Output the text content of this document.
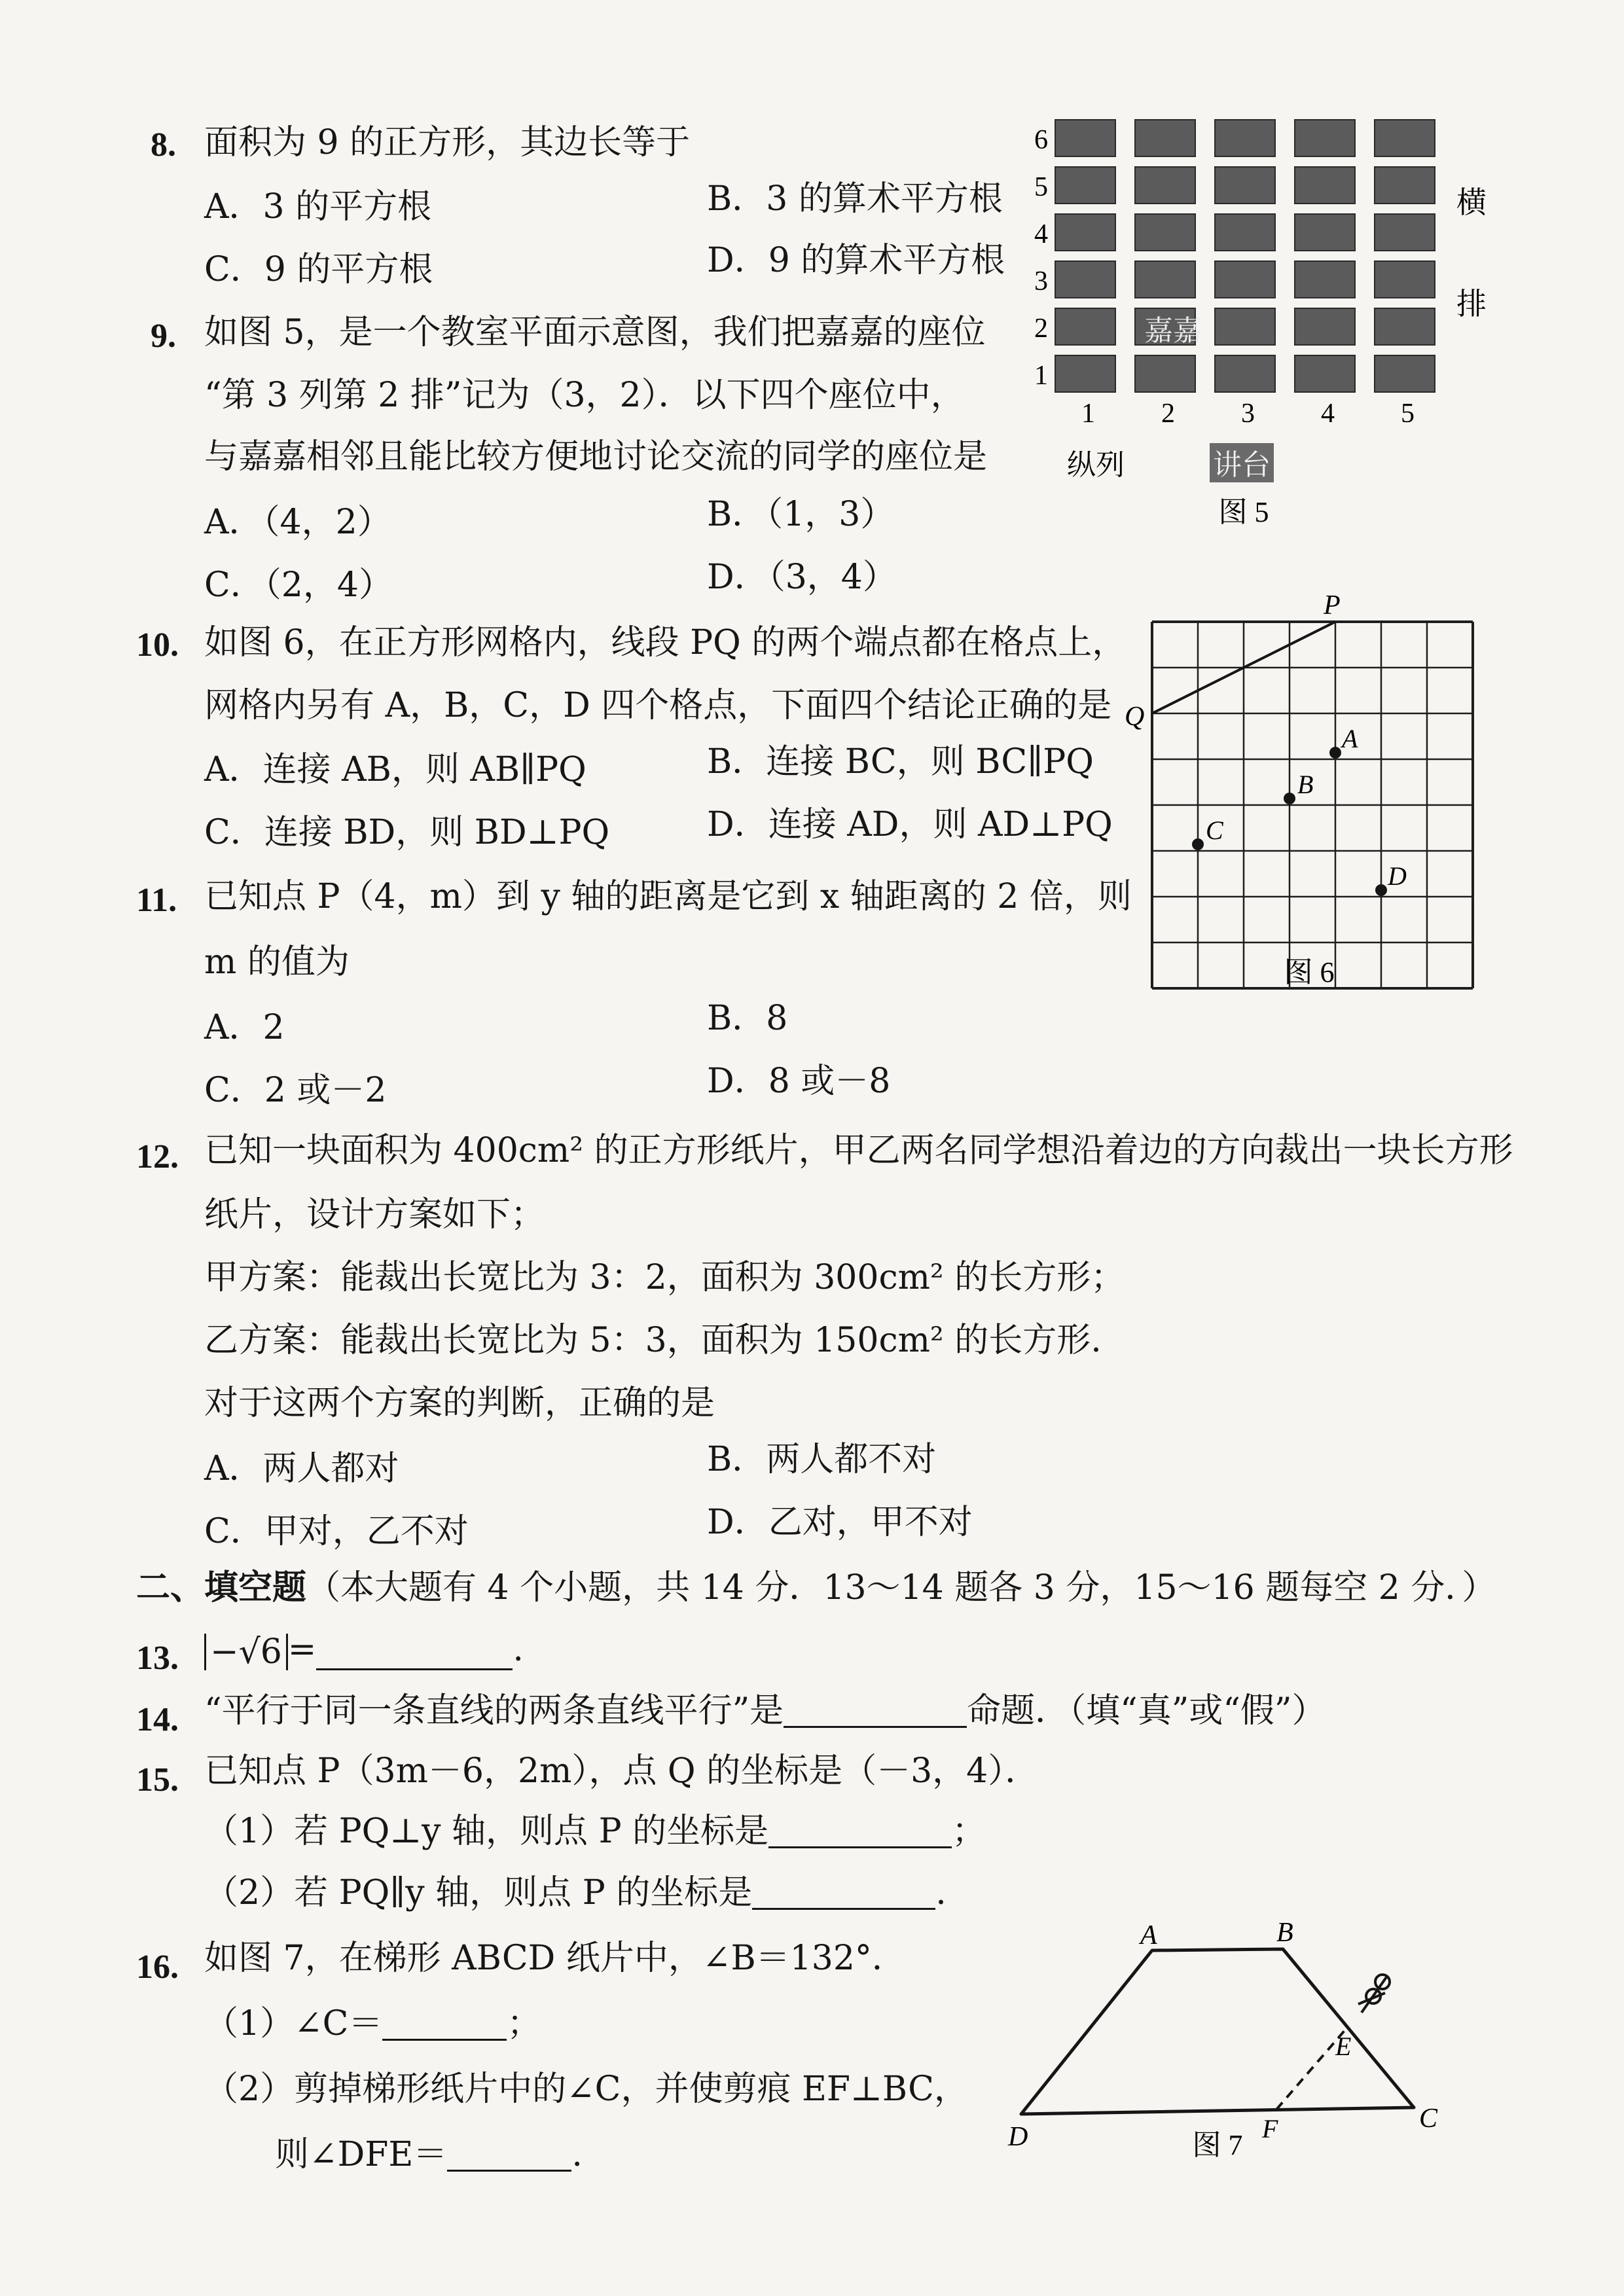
8. 面积为 9 的正方形，其边长等于
A．3 的平方根	B．3 的算术平方根
C．9 的平方根	D．9 的算术平方根
9. 如图 5，是一个教室平面示意图，我们把嘉嘉的座位
“第 3 列第 2 排”记为（3，2）．以下四个座位中，
与嘉嘉相邻且能比较方便地讨论交流的同学的座位是
A．（4，2）	B．（1，3）
C．（2，4）	D．（3，4）
6
5
4
3
2
1
1 2 3 4 5
嘉嘉
横
排
纵列	讲台
图 5
10. 如图 6，在正方形网格内，线段 PQ 的两个端点都在格点上，
网格内另有 A，B，C，D 四个格点，下面四个结论正确的是
A．连接 AB，则 AB∥PQ	B．连接 BC，则 BC∥PQ
C．连接 BD，则 BD⊥PQ	D．连接 AD，则 AD⊥PQ
P
Q
A
B
C
D
图 6
11. 已知点 P（4，m）到 y 轴的距离是它到 x 轴距离的 2 倍，则
m 的值为
A．2	B．8
C．2 或－2	D．8 或－8
12. 已知一块面积为 400cm² 的正方形纸片，甲乙两名同学想沿着边的方向裁出一块长方形
纸片，设计方案如下；
甲方案：能裁出长宽比为 3：2，面积为 300cm² 的长方形；
乙方案：能裁出长宽比为 5：3，面积为 150cm² 的长方形.
对于这两个方案的判断，正确的是
A．两人都对	B．两人都不对
C．甲对，乙不对	D．乙对，甲不对
二、填空题（本大题有 4 个小题，共 14 分．13～14 题各 3 分，15～16 题每空 2 分．）
13. −√6 =	.
14. “平行于同一条直线的两条直线平行”是	命题．（填“真”或“假”）
15. 已知点 P（3m－6，2m），点 Q 的坐标是（－3，4）．
（1）若 PQ⊥y 轴，则点 P 的坐标是	；
（2）若 PQ∥y 轴，则点 P 的坐标是	.
16. 如图 7，在梯形 ABCD 纸片中，∠B＝132°．
（1）∠C＝	；
（2）剪掉梯形纸片中的∠C，并使剪痕 EF⊥BC，
则∠DFE＝	.
A	B
C
D
E
F
图 7
